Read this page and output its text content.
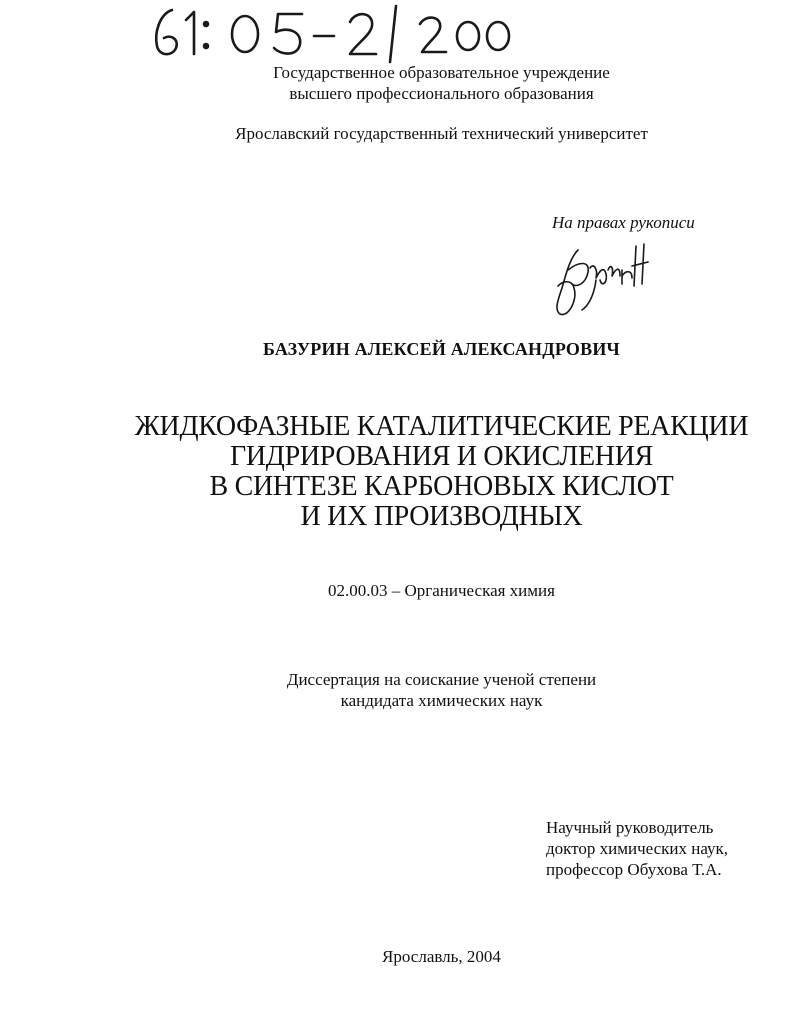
Государственное образовательное учреждение
высшего профессионального образования
Ярославский государственный технический университет
На правах рукописи
БАЗУРИН АЛЕКСЕЙ АЛЕКСАНДРОВИЧ
ЖИДКОФАЗНЫЕ КАТАЛИТИЧЕСКИЕ РЕАКЦИИ
ГИДРИРОВАНИЯ И ОКИСЛЕНИЯ
В СИНТЕЗЕ КАРБОНОВЫХ КИСЛОТ
И ИХ ПРОИЗВОДНЫХ
02.00.03 – Органическая химия
Диссертация на соискание ученой степени
кандидата химических наук
Научный руководитель
доктор химических наук,
профессор Обухова Т.А.
Ярославль, 2004
